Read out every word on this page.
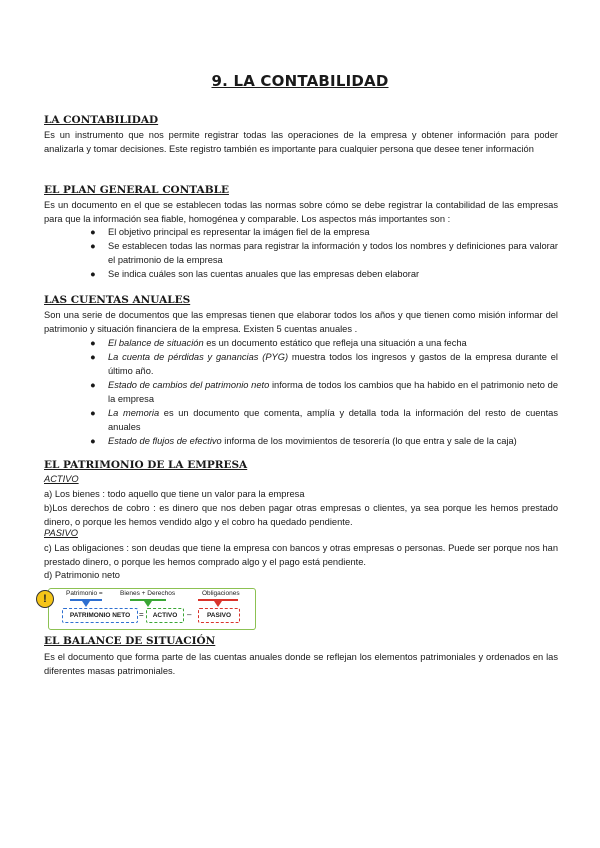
9. LA CONTABILIDAD
LA CONTABILIDAD

Es un instrumento que nos permite registrar todas las operaciones de la empresa y obtener información para poder analizarla y tomar decisiones. Este registro también es importante para cualquier persona que desee tener información

EL PLAN GENERAL CONTABLE

Es un documento en el que se establecen todas las normas sobre cómo se debe registrar la contabilidad de las empresas para que la información sea fiable, homogénea y comparable. Los aspectos más importantes son :

● El objetivo principal es representar la imágen fiel de la empresa
● Se establecen todas las normas para registrar la información y todos los nombres y definiciones para valorar el patrimonio de la empresa
● Se indica cuáles son las cuentas anuales que las empresas deben elaborar
LAS CUENTAS ANUALES

Son una serie de documentos que las empresas tienen que elaborar todos los años y que tienen como misión informar del patrimonio y situación financiera de la empresa. Existen 5 cuentas anuales .

● El balance de situación es un documento estático que refleja una situación a una fecha
● La cuenta de pérdidas y ganancias (PYG) muestra todos los ingresos y gastos de la empresa durante el último año.
● Estado de cambios del patrimonio neto informa de todos los cambios que ha habido en el patrimonio neto de la empresa
● La memoria es un documento que comenta, amplía y detalla toda la información del resto de cuentas anuales
● Estado de flujos de efectivo informa de los movimientos de tesorería (lo que entra y sale de la caja)
EL PATRIMONIO DE LA EMPRESA
ACTIVO

a) Los bienes : todo aquello que tiene un valor para la empresa

b)Los derechos de cobro : es dinero que nos deben pagar otras empresas o clientes, ya sea porque les hemos prestado dinero, o porque les hemos vendido algo y el cobro ha quedado pendiente.

PASIVO

c) Las obligaciones : son deudas que tiene la empresa con bancos y otras empresas o personas. Puede ser porque nos han prestado dinero, o porque les hemos comprado algo y el pago está pendiente.

d) Patrimonio neto

!	Patrimonio =	Bienes + Derechos	Obligaciones
PATRIMONIO NETO	=	ACTIVO	–	PASIVO
EL BALANCE DE SITUACIÓN

Es el documento que forma parte de las cuentas anuales donde se reflejan los elementos patrimoniales y ordenados en las diferentes masas patrimoniales.
